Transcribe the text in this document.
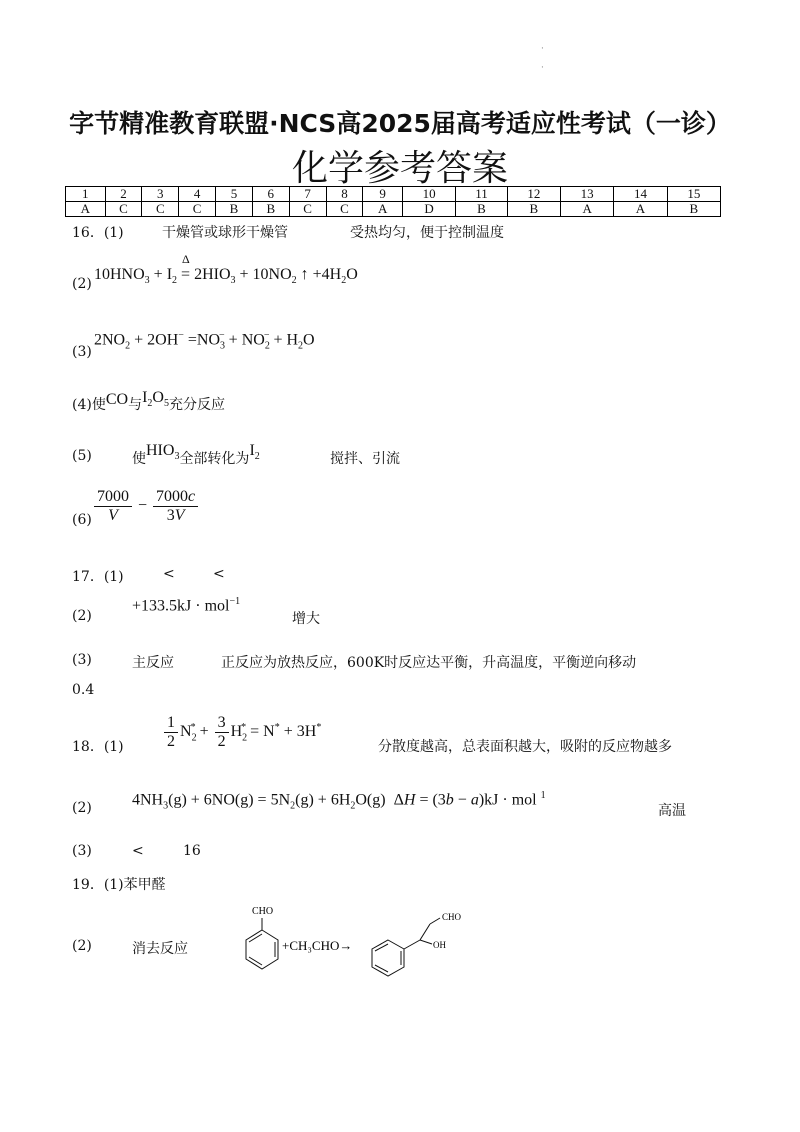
·
·
字节精准教育联盟·NCS高2025届高考适应性考试（一诊）
化学参考答案
1	2	3	4	5	6	7	8	9	10	11	12	13	14	15
A	C	C	C	B	B	C	C	A	D	B	B	A	A	B
16．(1)	干燥管或球形干燥管	受热均匀，便于控制温度
(2)
$10HNO_3 + I_2$ =
Δ
$2HIO_3 + 10NO_2$ ↑ $+4H_2O$
(3)
$2NO_2 + 2OH^- =NO_3^- + NO_2^- + H_2O$
(4)使CO与$I_2O_5$充分反应
(5)	使$HIO_3$全部转化为$I_2$	搅拌、引流
$(6) \frac{7000}{V} - \frac{7000c}{3V}$
17．(1)	<	<
(2)
+133.5kJ · mol$^{-1}$
增大
(3)	主反应	正反应为放热反应，600K时反应达平衡，升高温度，平衡逆向移动
0.4
18．(1)	$\frac{1}{2} N_2^* + \frac{3}{2} H_2^* = N^* + 3H^*$
分散度越高，总表面积越大，吸附的反应物越多
(2)	$4NH_3(g) + 6NO(g) = 5N_2(g) + 6H_2O(g) \Delta H = (3b - a)kJ$ · mol $^1$
高温
(3)	<	16
19．(1)苯甲醛
(2)	消去反应
CHO
+CH₃CHO→
CHO
OH
